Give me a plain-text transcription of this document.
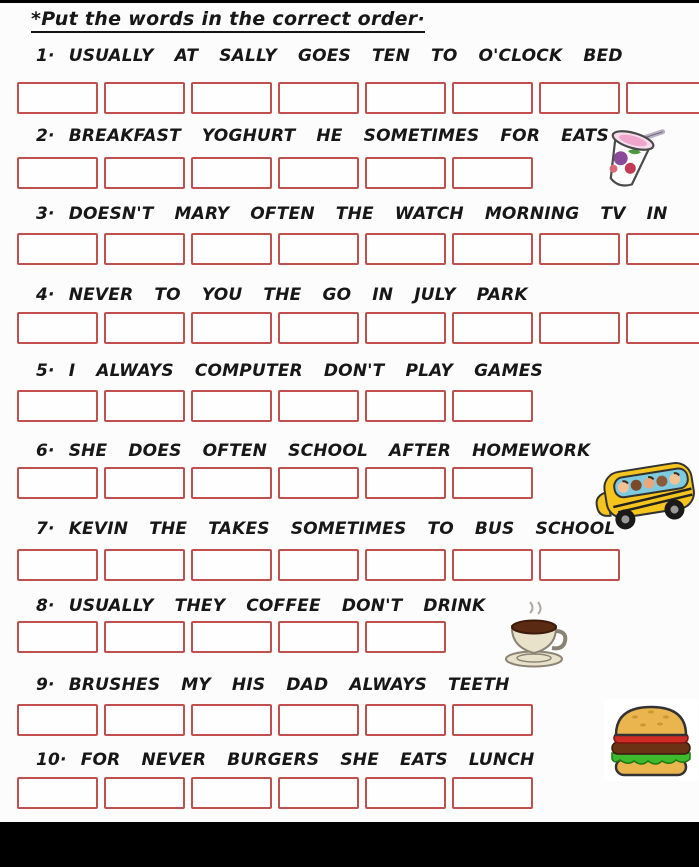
*Put the words in the correct order·
1· USUALLY AT SALLY GOES TEN TO O'CLOCK BED
2· BREAKFAST YOGHURT HE SOMETIMES FOR EATS
3· DOESN'T MARY OFTEN THE WATCH MORNING TV IN
4· NEVER TO YOU THE GO IN JULY PARK
5· I ALWAYS COMPUTER DON'T PLAY GAMES
6· SHE DOES OFTEN SCHOOL AFTER HOMEWORK
7· KEVIN THE TAKES SOMETIMES TO BUS SCHOOL
8· USUALLY THEY COFFEE DON'T DRINK
9· BRUSHES MY HIS DAD ALWAYS TEETH
10· FOR NEVER BURGERS SHE EATS LUNCH
